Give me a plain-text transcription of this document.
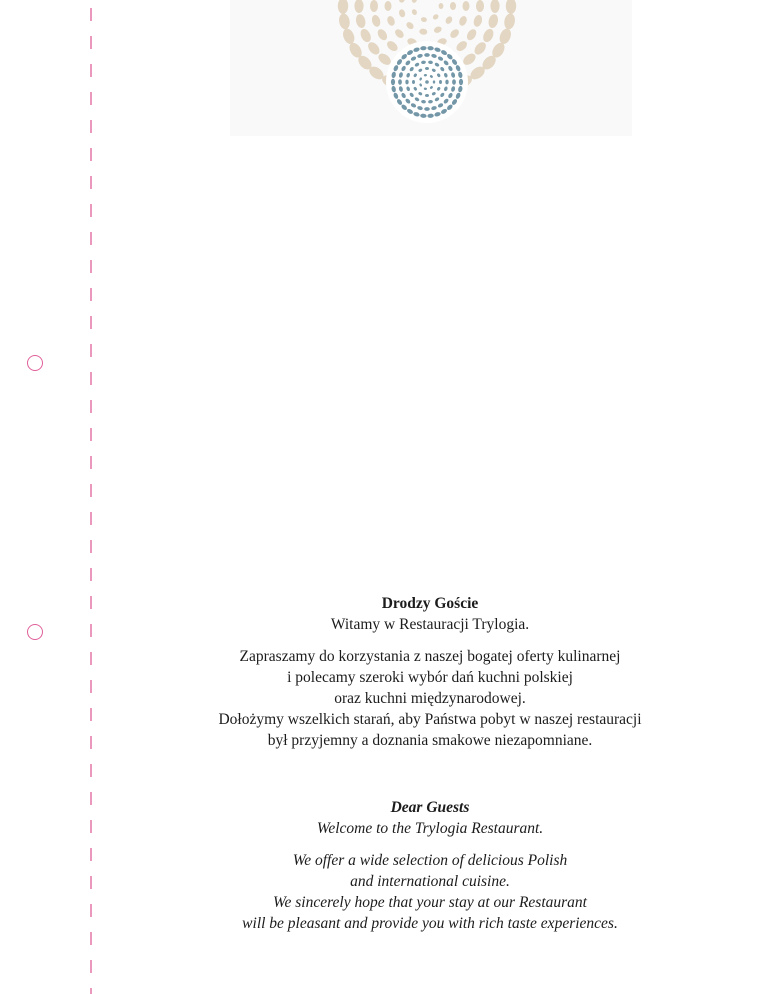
Drodzy Goście

Witamy w Restauracji Trylogia.

Zapraszamy do korzystania z naszej bogatej oferty kulinarnej

i polecamy szeroki wybór dań kuchni polskiej

oraz kuchni międzynarodowej.

Dołożymy wszelkich starań, aby Państwa pobyt w naszej restauracji

był przyjemny a doznania smakowe niezapomniane.

Dear Guests

Welcome to the Trylogia Restaurant.

We offer a wide selection of delicious Polish

and international cuisine.

We sincerely hope that your stay at our Restaurant

will be pleasant and provide you with rich taste experiences.
